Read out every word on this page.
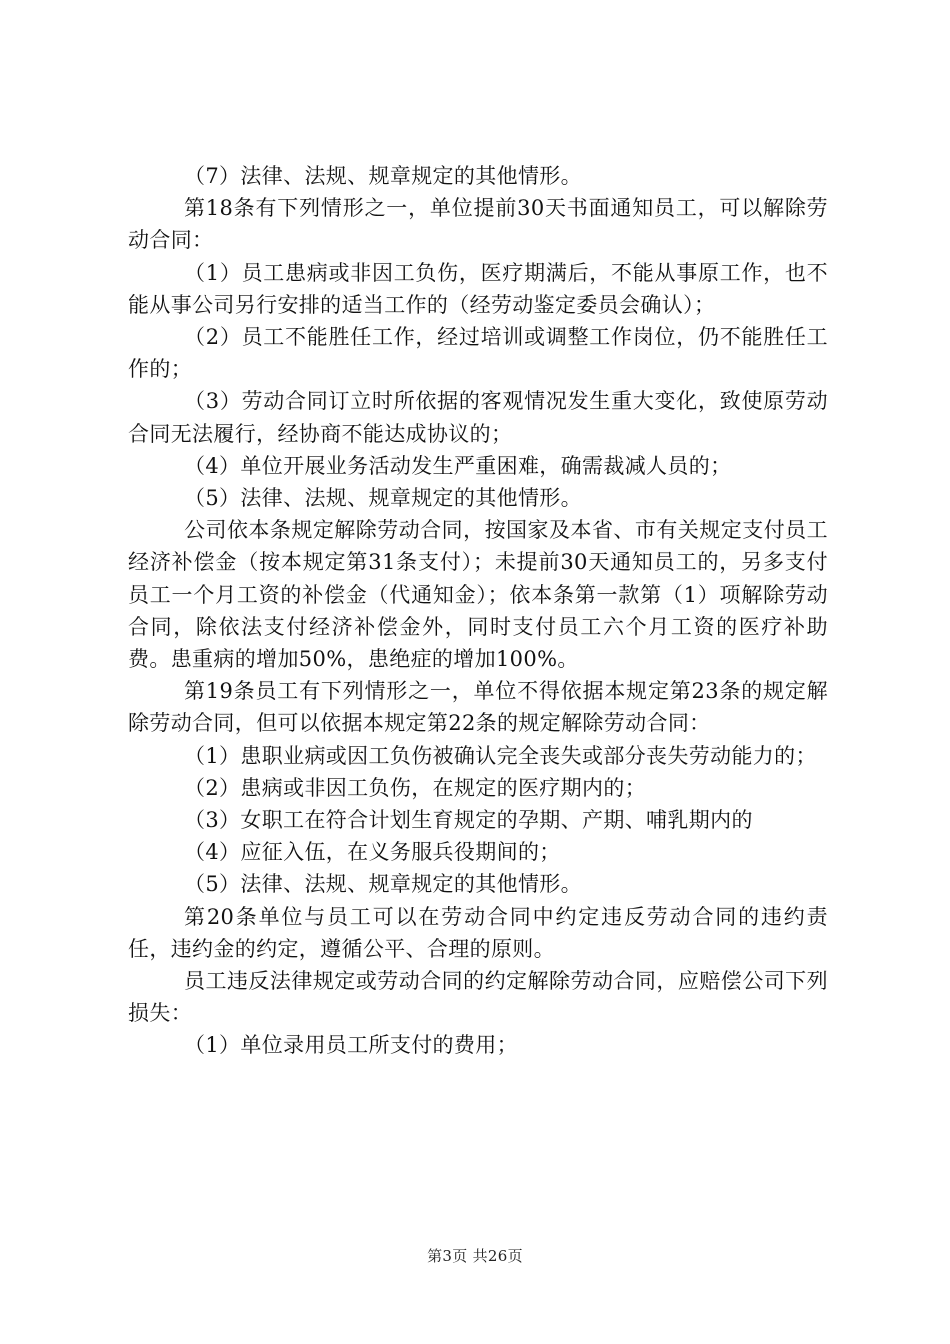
（7）法律、法规、规章规定的其他情形。

第18条有下列情形之一，单位提前30天书面通知员工，可以解除劳动合同：

（1）员工患病或非因工负伤，医疗期满后，不能从事原工作，也不能从事公司另行安排的适当工作的（经劳动鉴定委员会确认）；

（2）员工不能胜任工作，经过培训或调整工作岗位，仍不能胜任工作的；

（3）劳动合同订立时所依据的客观情况发生重大变化，致使原劳动合同无法履行，经协商不能达成协议的；

（4）单位开展业务活动发生严重困难，确需裁减人员的；

（5）法律、法规、规章规定的其他情形。

公司依本条规定解除劳动合同，按国家及本省、市有关规定支付员工经济补偿金（按本规定第31条支付）；未提前30天通知员工的，另多支付员工一个月工资的补偿金（代通知金）；依本条第一款第（1）项解除劳动合同，除依法支付经济补偿金外，同时支付员工六个月工资的医疗补助费。患重病的增加50%，患绝症的增加100%。

第19条员工有下列情形之一，单位不得依据本规定第23条的规定解除劳动合同，但可以依据本规定第22条的规定解除劳动合同：

（1）患职业病或因工负伤被确认完全丧失或部分丧失劳动能力的；

（2）患病或非因工负伤，在规定的医疗期内的；

（3）女职工在符合计划生育规定的孕期、产期、哺乳期内的

（4）应征入伍，在义务服兵役期间的；

（5）法律、法规、规章规定的其他情形。

第20条单位与员工可以在劳动合同中约定违反劳动合同的违约责任，违约金的约定，遵循公平、合理的原则。

员工违反法律规定或劳动合同的约定解除劳动合同，应赔偿公司下列损失：

（1）单位录用员工所支付的费用；

第3页 共26页
